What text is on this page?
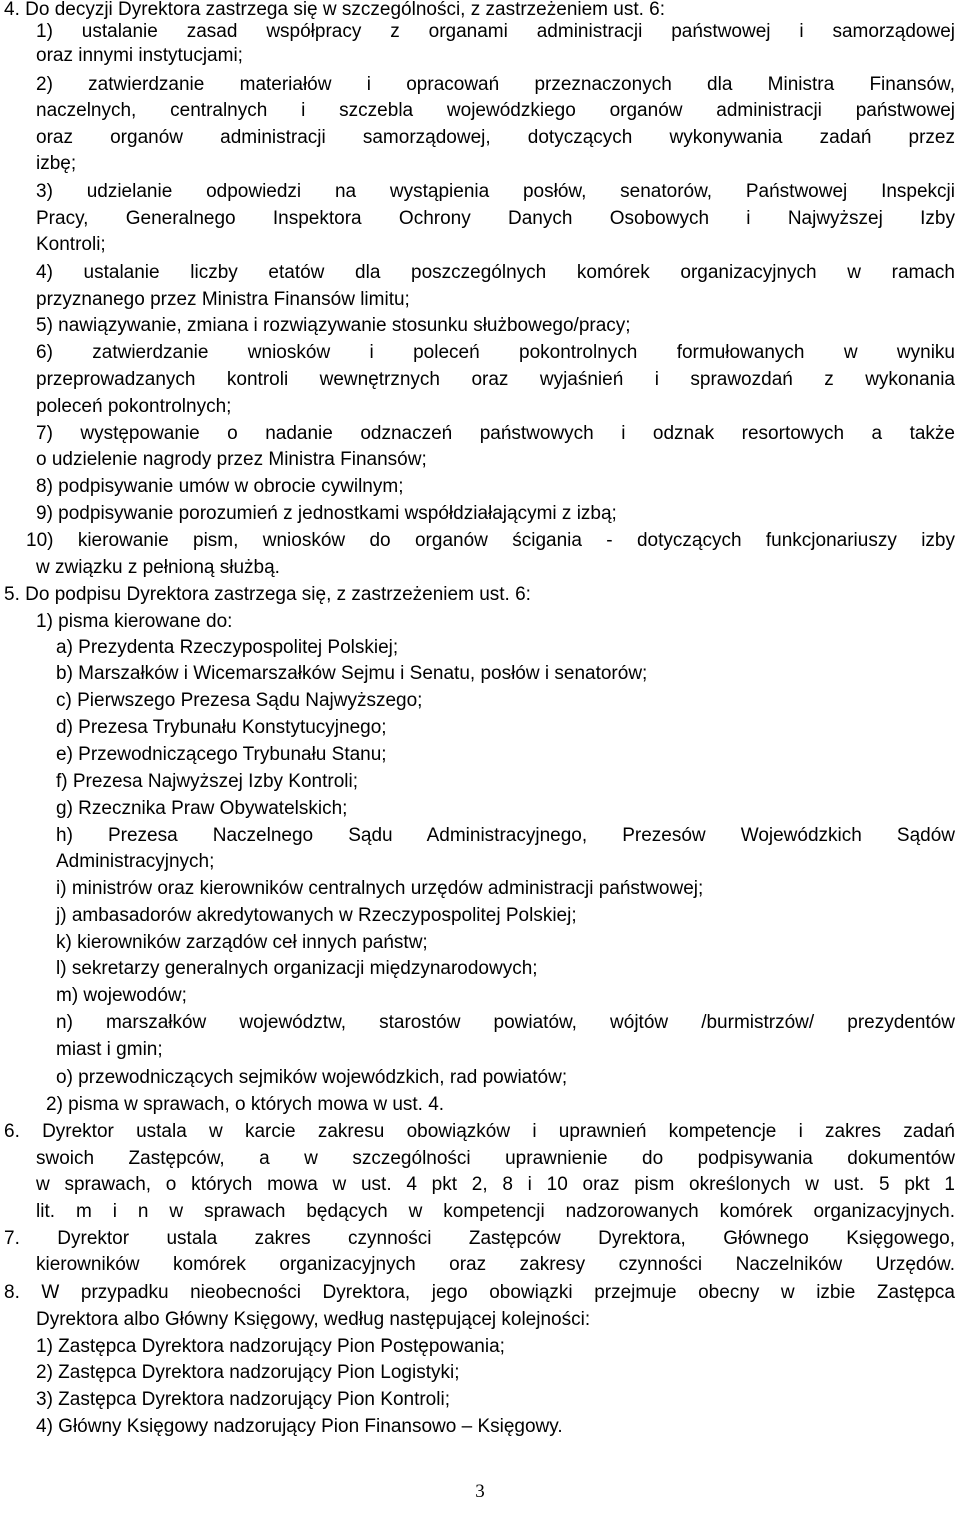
4. Do decyzji Dyrektora zastrzega się w szczególności, z zastrzeżeniem ust. 6:
1) ustalanie zasad współpracy z organami administracji państwowej i samorządowej
oraz innymi instytucjami;
2) zatwierdzanie materiałów i opracowań przeznaczonych dla Ministra Finansów,
naczelnych, centralnych i szczebla wojewódzkiego organów administracji państwowej
oraz organów administracji samorządowej, dotyczących wykonywania zadań przez
izbę;
3) udzielanie odpowiedzi na wystąpienia posłów, senatorów, Państwowej Inspekcji
Pracy, Generalnego Inspektora Ochrony Danych Osobowych i Najwyższej Izby
Kontroli;
4) ustalanie liczby etatów dla poszczególnych komórek organizacyjnych w ramach
przyznanego przez Ministra Finansów limitu;
5) nawiązywanie, zmiana i rozwiązywanie stosunku służbowego/pracy;
6) zatwierdzanie wniosków i poleceń pokontrolnych formułowanych w wyniku
przeprowadzanych kontroli wewnętrznych oraz wyjaśnień i sprawozdań z wykonania
poleceń pokontrolnych;
7) występowanie o nadanie odznaczeń państwowych i odznak resortowych a także
o udzielenie nagrody przez Ministra Finansów;
8) podpisywanie umów w obrocie cywilnym;
9) podpisywanie porozumień z jednostkami współdziałającymi z izbą;
10) kierowanie pism, wniosków do organów ścigania - dotyczących funkcjonariuszy izby
w związku z pełnioną służbą.
5. Do podpisu Dyrektora zastrzega się, z zastrzeżeniem ust. 6:
1) pisma kierowane do:
a) Prezydenta Rzeczypospolitej Polskiej;
b) Marszałków i Wicemarszałków Sejmu i Senatu, posłów i senatorów;
c) Pierwszego Prezesa Sądu Najwyższego;
d) Prezesa Trybunału Konstytucyjnego;
e) Przewodniczącego Trybunału Stanu;
f) Prezesa Najwyższej Izby Kontroli;
g) Rzecznika Praw Obywatelskich;
h) Prezesa Naczelnego Sądu Administracyjnego, Prezesów Wojewódzkich Sądów
Administracyjnych;
i) ministrów oraz kierowników centralnych urzędów administracji państwowej;
j) ambasadorów akredytowanych w Rzeczypospolitej Polskiej;
k) kierowników zarządów ceł innych państw;
l) sekretarzy generalnych organizacji międzynarodowych;
m) wojewodów;
n) marszałków województw, starostów powiatów, wójtów /burmistrzów/ prezydentów
miast i gmin;
o) przewodniczących sejmików wojewódzkich, rad powiatów;
2) pisma w sprawach, o których mowa w ust. 4.
6. Dyrektor ustala w karcie zakresu obowiązków i uprawnień kompetencje i zakres zadań
swoich Zastępców, a w szczególności uprawnienie do podpisywania dokumentów
w sprawach, o których mowa w ust. 4 pkt 2, 8 i 10 oraz pism określonych w ust. 5 pkt 1
lit. m i n w sprawach będących w kompetencji nadzorowanych komórek organizacyjnych.
7. Dyrektor ustala zakres czynności Zastępców Dyrektora, Głównego Księgowego,
kierowników komórek organizacyjnych oraz zakresy czynności Naczelników Urzędów.
8. W przypadku nieobecności Dyrektora, jego obowiązki przejmuje obecny w izbie Zastępca
Dyrektora albo Główny Księgowy, według następującej kolejności:
1) Zastępca Dyrektora nadzorujący Pion Postępowania;
2) Zastępca Dyrektora nadzorujący Pion Logistyki;
3) Zastępca Dyrektora nadzorujący Pion Kontroli;
4) Główny Księgowy nadzorujący Pion Finansowo – Księgowy.
3
